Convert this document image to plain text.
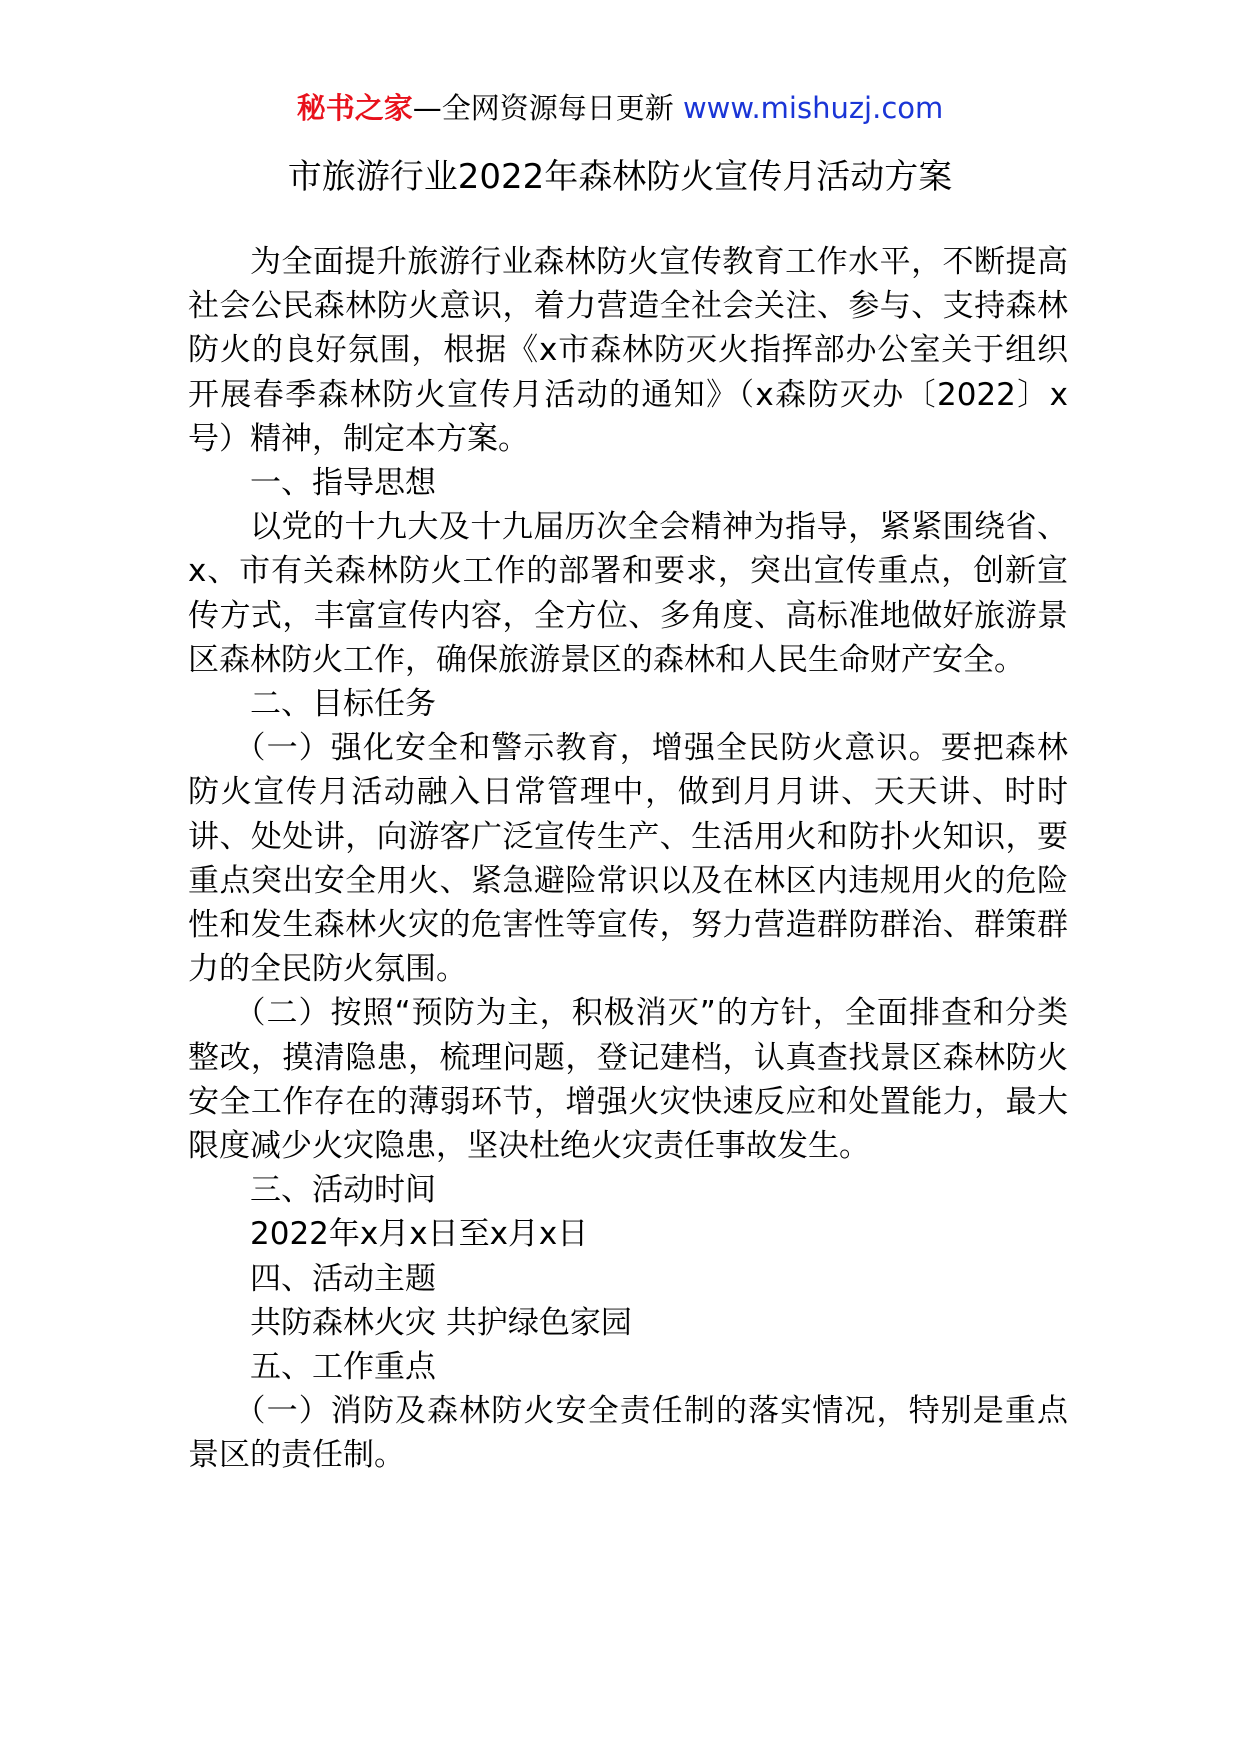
秘书之家—全网资源每日更新 www.mishuzj.com
市旅游行业2022年森林防火宣传月活动方案

为全面提升旅游行业森林防火宣传教育工作水平，不断提高社会公民森林防火意识，着力营造全社会关注、参与、支持森林防火的良好氛围，根据《x市森林防灭火指挥部办公室关于组织开展春季森林防火宣传月活动的通知》（x森防灭办〔2022〕x号）精神，制定本方案。

一、指导思想

以党的十九大及十九届历次全会精神为指导，紧紧围绕省、x、市有关森林防火工作的部署和要求，突出宣传重点，创新宣传方式，丰富宣传内容，全方位、多角度、高标准地做好旅游景区森林防火工作，确保旅游景区的森林和人民生命财产安全。

二、目标任务

（一）强化安全和警示教育，增强全民防火意识。要把森林防火宣传月活动融入日常管理中，做到月月讲、天天讲、时时讲、处处讲，向游客广泛宣传生产、生活用火和防扑火知识，要重点突出安全用火、紧急避险常识以及在林区内违规用火的危险性和发生森林火灾的危害性等宣传，努力营造群防群治、群策群力的全民防火氛围。

（二）按照“预防为主，积极消灭”的方针，全面排查和分类整改，摸清隐患，梳理问题，登记建档，认真查找景区森林防火安全工作存在的薄弱环节，增强火灾快速反应和处置能力，最大限度减少火灾隐患，坚决杜绝火灾责任事故发生。

三、活动时间

2022年x月x日至x月x日

四、活动主题

共防森林火灾 共护绿色家园

五、工作重点

（一）消防及森林防火安全责任制的落实情况，特别是重点景区的责任制。
